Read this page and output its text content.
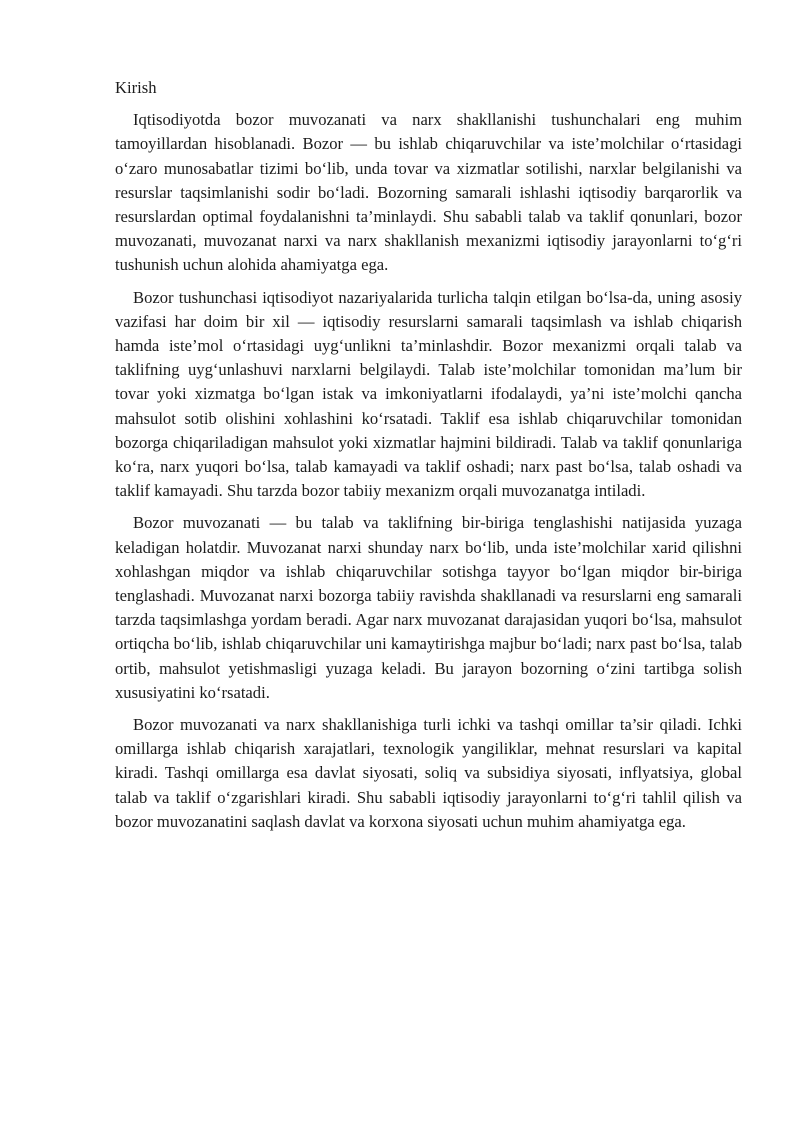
Kirish

Iqtisodiyotda bozor muvozanati va narx shakllanishi tushunchalari eng muhim tamoyillardan hisoblanadi. Bozor — bu ishlab chiqaruvchilar va iste’molchilar o‘rtasidagi o‘zaro munosabatlar tizimi bo‘lib, unda tovar va xizmatlar sotilishi, narxlar belgilanishi va resurslar taqsimlanishi sodir bo‘ladi. Bozorning samarali ishlashi iqtisodiy barqarorlik va resurslardan optimal foydalanishni ta’minlaydi. Shu sababli talab va taklif qonunlari, bozor muvozanati, muvozanat narxi va narx shakllanish mexanizmi iqtisodiy jarayonlarni to‘g‘ri tushunish uchun alohida ahamiyatga ega.

Bozor tushunchasi iqtisodiyot nazariyalarida turlicha talqin etilgan bo‘lsa-da, uning asosiy vazifasi har doim bir xil — iqtisodiy resurslarni samarali taqsimlash va ishlab chiqarish hamda iste’mol o‘rtasidagi uyg‘unlikni ta’minlashdir. Bozor mexanizmi orqali talab va taklifning uyg‘unlashuvi narxlarni belgilaydi. Talab iste’molchilar tomonidan ma’lum bir tovar yoki xizmatga bo‘lgan istak va imkoniyatlarni ifodalaydi, ya’ni iste’molchi qancha mahsulot sotib olishini xohlashini ko‘rsatadi. Taklif esa ishlab chiqaruvchilar tomonidan bozorga chiqariladigan mahsulot yoki xizmatlar hajmini bildiradi. Talab va taklif qonunlariga ko‘ra, narx yuqori bo‘lsa, talab kamayadi va taklif oshadi; narx past bo‘lsa, talab oshadi va taklif kamayadi. Shu tarzda bozor tabiiy mexanizm orqali muvozanatga intiladi.

Bozor muvozanati — bu talab va taklifning bir-biriga tenglashishi natijasida yuzaga keladigan holatdir. Muvozanat narxi shunday narx bo‘lib, unda iste’molchilar xarid qilishni xohlashgan miqdor va ishlab chiqaruvchilar sotishga tayyor bo‘lgan miqdor bir-biriga tenglashadi. Muvozanat narxi bozorga tabiiy ravishda shakllanadi va resurslarni eng samarali tarzda taqsimlashga yordam beradi. Agar narx muvozanat darajasidan yuqori bo‘lsa, mahsulot ortiqcha bo‘lib, ishlab chiqaruvchilar uni kamaytirishga majbur bo‘ladi; narx past bo‘lsa, talab ortib, mahsulot yetishmasligi yuzaga keladi. Bu jarayon bozorning o‘zini tartibga solish xususiyatini ko‘rsatadi.

Bozor muvozanati va narx shakllanishiga turli ichki va tashqi omillar ta’sir qiladi. Ichki omillarga ishlab chiqarish xarajatlari, texnologik yangiliklar, mehnat resurslari va kapital kiradi. Tashqi omillarga esa davlat siyosati, soliq va subsidiya siyosati, inflyatsiya, global talab va taklif o‘zgarishlari kiradi. Shu sababli iqtisodiy jarayonlarni to‘g‘ri tahlil qilish va bozor muvozanatini saqlash davlat va korxona siyosati uchun muhim ahamiyatga ega.
